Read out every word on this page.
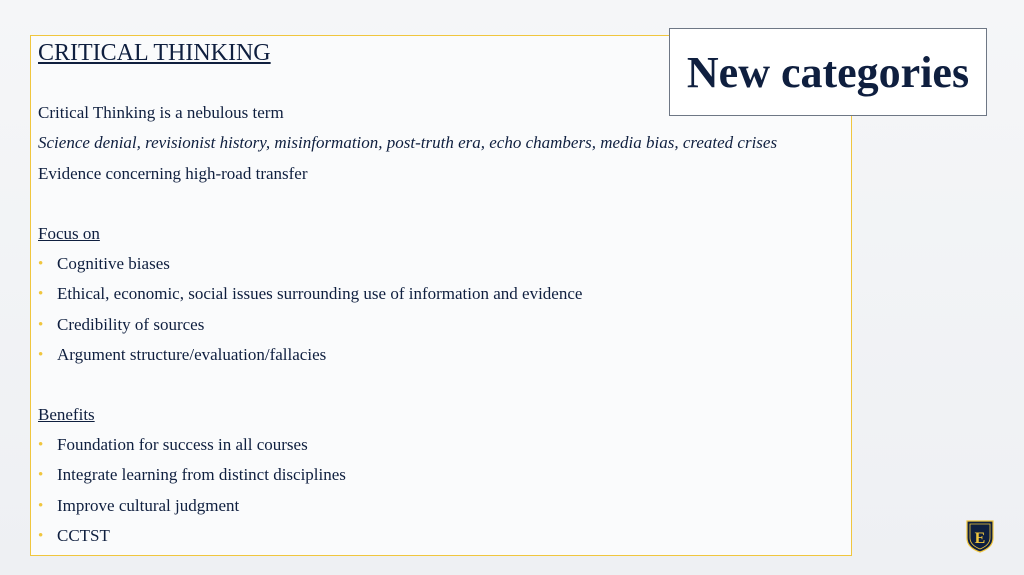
CRITICAL THINKING
Critical Thinking is a nebulous term
Science denial, revisionist history, misinformation, post-truth era, echo chambers, media bias, created crises
Evidence concerning high-road transfer
Focus on
• Cognitive biases
• Ethical, economic, social issues surrounding use of information and evidence
• Credibility of sources
• Argument structure/evaluation/fallacies
Benefits
• Foundation for success in all courses
• Integrate learning from distinct disciplines
• Improve cultural judgment
• CCTST
New categories
E
